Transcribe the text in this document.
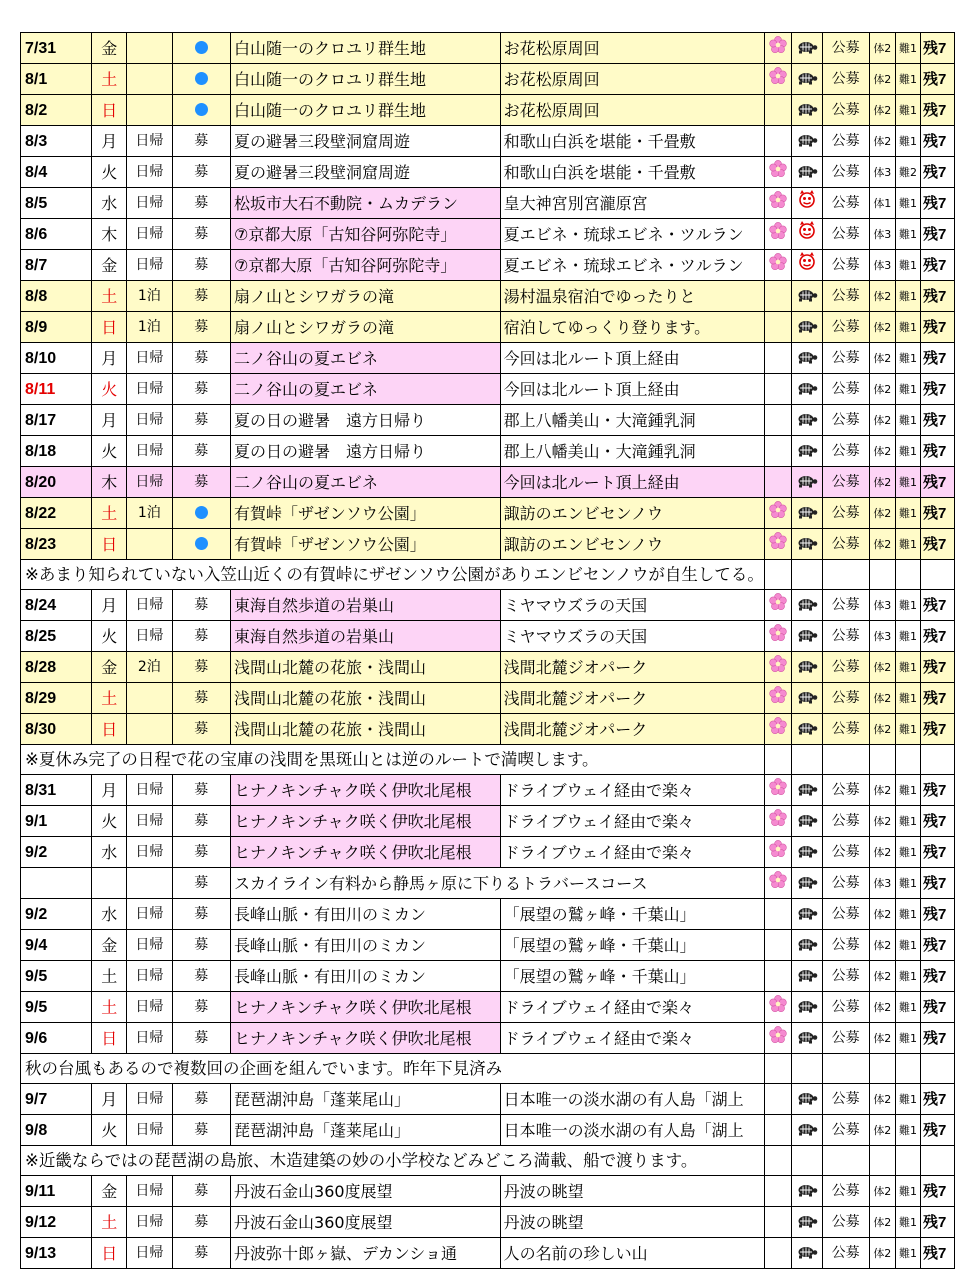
7/31	金			白山随一のクロユリ群生地	お花松原周回			公募	体2	難1	残7
8/1	土			白山随一のクロユリ群生地	お花松原周回			公募	体2	難1	残7
8/2	日			白山随一のクロユリ群生地	お花松原周回			公募	体2	難1	残7
8/3	月	日帰	募	夏の避暑三段壁洞窟周遊	和歌山白浜を堪能・千畳敷			公募	体2	難1	残7
8/4	火	日帰	募	夏の避暑三段壁洞窟周遊	和歌山白浜を堪能・千畳敷			公募	体3	難2	残7
8/5	水	日帰	募	松坂市大石不動院・ムカデラン	皇大神宮別宮瀧原宮			公募	体1	難1	残7
8/6	木	日帰	募	⑦京都大原「古知谷阿弥陀寺」	夏エビネ・琉球エビネ・ツルラン			公募	体3	難1	残7
8/7	金	日帰	募	⑦京都大原「古知谷阿弥陀寺」	夏エビネ・琉球エビネ・ツルラン			公募	体3	難1	残7
8/8	土	1泊	募	扇ノ山とシワガラの滝	湯村温泉宿泊でゆったりと			公募	体2	難1	残7
8/9	日	1泊	募	扇ノ山とシワガラの滝	宿泊してゆっくり登ります。			公募	体2	難1	残7
8/10	月	日帰	募	二ノ谷山の夏エビネ	今回は北ルート頂上経由			公募	体2	難1	残7
8/11	火	日帰	募	二ノ谷山の夏エビネ	今回は北ルート頂上経由			公募	体2	難1	残7
8/17	月	日帰	募	夏の日の避暑　遠方日帰り	郡上八幡美山・大滝鍾乳洞			公募	体2	難1	残7
8/18	火	日帰	募	夏の日の避暑　遠方日帰り	郡上八幡美山・大滝鍾乳洞			公募	体2	難1	残7
8/20	木	日帰	募	二ノ谷山の夏エビネ	今回は北ルート頂上経由			公募	体2	難1	残7
8/22	土	1泊		有賀峠「ザゼンソウ公園」	諏訪のエンビセンノウ			公募	体2	難1	残7
8/23	日			有賀峠「ザゼンソウ公園」	諏訪のエンビセンノウ			公募	体2	難1	残7
※あまり知られていない入笠山近くの有賀峠にザゼンソウ公園がありエンビセンノウが自生してる。											
8/24	月	日帰	募	東海自然歩道の岩巣山	ミヤマウズラの天国			公募	体3	難1	残7
8/25	火	日帰	募	東海自然歩道の岩巣山	ミヤマウズラの天国			公募	体3	難1	残7
8/28	金	2泊	募	浅間山北麓の花旅・浅間山	浅間北麓ジオパーク			公募	体2	難1	残7
8/29	土		募	浅間山北麓の花旅・浅間山	浅間北麓ジオパーク			公募	体2	難1	残7
8/30	日		募	浅間山北麓の花旅・浅間山	浅間北麓ジオパーク			公募	体2	難1	残7
※夏休み完了の日程で花の宝庫の浅間を黒斑山とは逆のルートで満喫します。											
8/31	月	日帰	募	ヒナノキンチャク咲く伊吹北尾根	ドライブウェイ経由で楽々			公募	体2	難1	残7
9/1	火	日帰	募	ヒナノキンチャク咲く伊吹北尾根	ドライブウェイ経由で楽々			公募	体2	難1	残7
9/2	水	日帰	募	ヒナノキンチャク咲く伊吹北尾根	ドライブウェイ経由で楽々			公募	体2	難1	残7
			募	スカイライン有料から静馬ヶ原に下りるトラバースコース				公募	体3	難1	残7
9/2	水	日帰	募	長峰山脈・有田川のミカン	「展望の鷲ヶ峰・千葉山」			公募	体2	難1	残7
9/4	金	日帰	募	長峰山脈・有田川のミカン	「展望の鷲ヶ峰・千葉山」			公募	体2	難1	残7
9/5	土	日帰	募	長峰山脈・有田川のミカン	「展望の鷲ヶ峰・千葉山」			公募	体2	難1	残7
9/5	土	日帰	募	ヒナノキンチャク咲く伊吹北尾根	ドライブウェイ経由で楽々			公募	体2	難1	残7
9/6	日	日帰	募	ヒナノキンチャク咲く伊吹北尾根	ドライブウェイ経由で楽々			公募	体2	難1	残7
秋の台風もあるので複数回の企画を組んでいます。昨年下見済み											
9/7	月	日帰	募	琵琶湖沖島「蓬莱尾山」	日本唯一の淡水湖の有人島「湖上			公募	体2	難1	残7
9/8	火	日帰	募	琵琶湖沖島「蓬莱尾山」	日本唯一の淡水湖の有人島「湖上			公募	体2	難1	残7
※近畿ならではの琵琶湖の島旅、木造建築の妙の小学校などみどころ満載、船で渡ります。											
9/11	金	日帰	募	丹波石金山360度展望	丹波の眺望			公募	体2	難1	残7
9/12	土	日帰	募	丹波石金山360度展望	丹波の眺望			公募	体2	難1	残7
9/13	日	日帰	募	丹波弥十郎ヶ嶽、デカンショ通	人の名前の珍しい山			公募	体2	難1	残7
